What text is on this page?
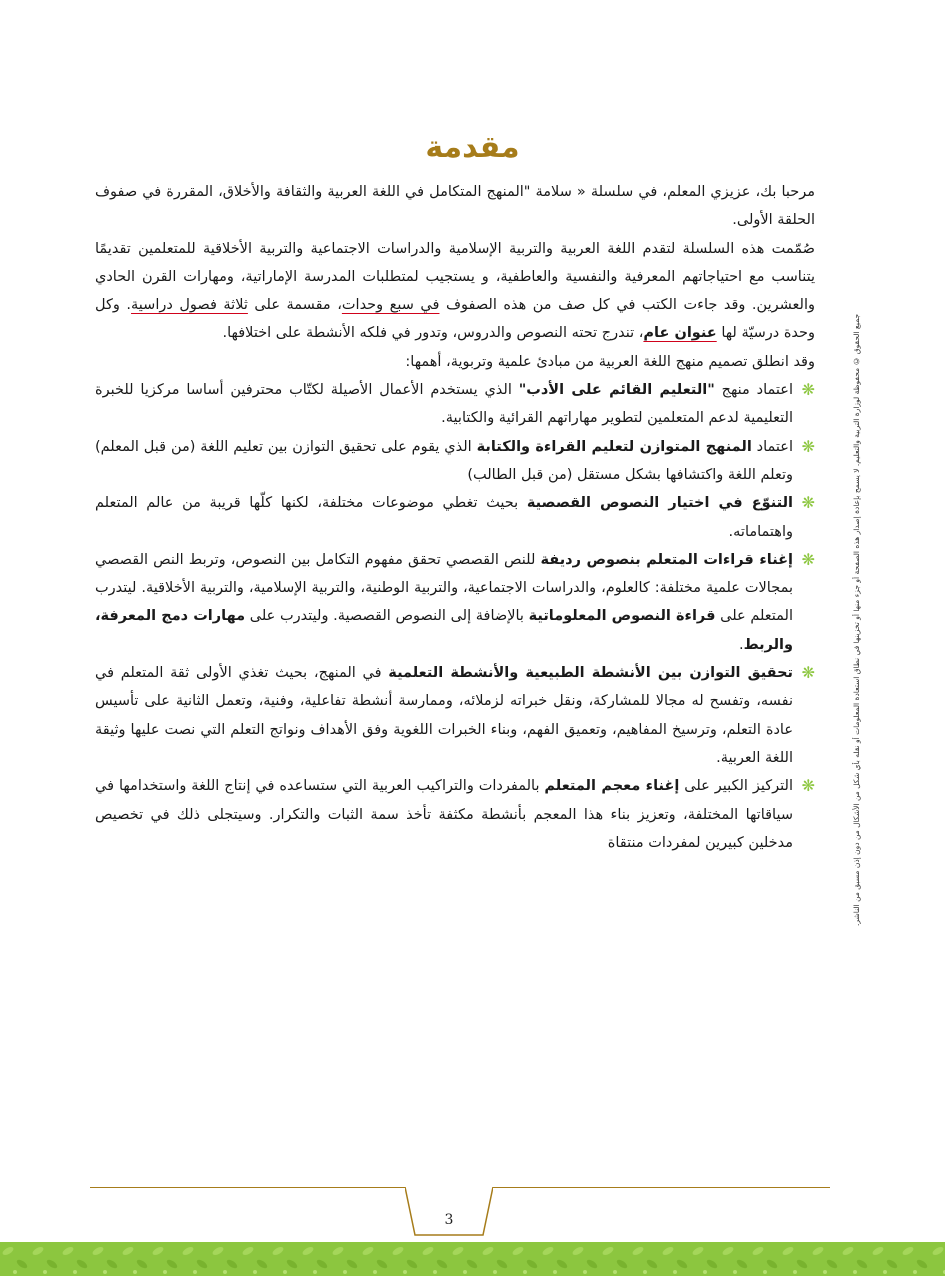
مقدمة
جميع الحقوق © محفوظة لوزارة التربية والتعليم. لا يسمح بإعادة إصدار هذه الصفحة أو جزء منها أو تخزينها في نطاق استعادة المعلومات أو نقله بأي شكل من الأشكال من دون إذن مسبق من الناشر.

مرحبا بك، عزيزي المعلم، في سلسلة « سلامة "المنهج المتكامل في اللغة العربية والثقافة والأخلاق، المقررة في صفوف الحلقة الأولى.

صُمّمت هذه السلسلة لتقدم اللغة العربية والتربية الإسلامية والدراسات الاجتماعية والتربية الأخلاقية للمتعلمين تقديمًا يتناسب مع احتياجاتهم المعرفية والنفسية والعاطفية، و يستجيب لمتطلبات المدرسة الإماراتية، ومهارات القرن الحادي والعشرين. وقد جاءت الكتب في كل صف من هذه الصفوف في سبع وحدات، مقسمة على ثلاثة فصول دراسية. وكل وحدة درسيّة لها عنوان عام، تندرج تحته النصوص والدروس، وتدور في فلكه الأنشطة على اختلافها.

وقد انطلق تصميم منهج اللغة العربية من مبادئ علمية وتربوية، أهمها:

❋
اعتماد منهج "التعليم القائم على الأدب" الذي يستخدم الأعمال الأصيلة لكتّاب محترفين أساسا مركزيا للخبرة التعليمية لدعم المتعلمين لتطوير مهاراتهم القرائية والكتابية.
❋
اعتماد المنهج المتوازن لتعليم القراءة والكتابة الذي يقوم على تحقيق التوازن بين تعليم اللغة (من قبل المعلم) وتعلم اللغة واكتشافها بشكل مستقل (من قبل الطالب)
❋
التنوّع في اختيار النصوص القصصية بحيث تغطي موضوعات مختلفة، لكنها كلّها قريبة من عالم المتعلم واهتماماته.
❋
إغناء قراءات المتعلم بنصوص رديفة للنص القصصي تحقق مفهوم التكامل بين النصوص، وتربط النص القصصي بمجالات علمية مختلفة: كالعلوم، والدراسات الاجتماعية، والتربية الوطنية، والتربية الإسلامية، والتربية الأخلاقية. ليتدرب المتعلم على قراءة النصوص المعلوماتية بالإضافة إلى النصوص القصصية. وليتدرب على مهارات دمج المعرفة، والربط.
❋
تحقيق التوازن بين الأنشطة الطبيعية والأنشطة التعلمية في المنهج، بحيث تغذي الأولى ثقة المتعلم في نفسه، وتفسح له مجالا للمشاركة، ونقل خبراته لزملائه، وممارسة أنشطة تفاعلية، وفنية، وتعمل الثانية على تأسيس عادة التعلم، وترسيخ المفاهيم، وتعميق الفهم، وبناء الخبرات اللغوية وفق الأهداف ونواتج التعلم التي نصت عليها وثيقة اللغة العربية.
❋
التركيز الكبير على إغناء معجم المتعلم بالمفردات والتراكيب العربية التي ستساعده في إنتاج اللغة واستخدامها في سياقاتها المختلفة، وتعزيز بناء هذا المعجم بأنشطة مكثفة تأخذ سمة الثبات والتكرار. وسيتجلى ذلك في تخصيص مدخلين كبيرين لمفردات منتقاة
3
